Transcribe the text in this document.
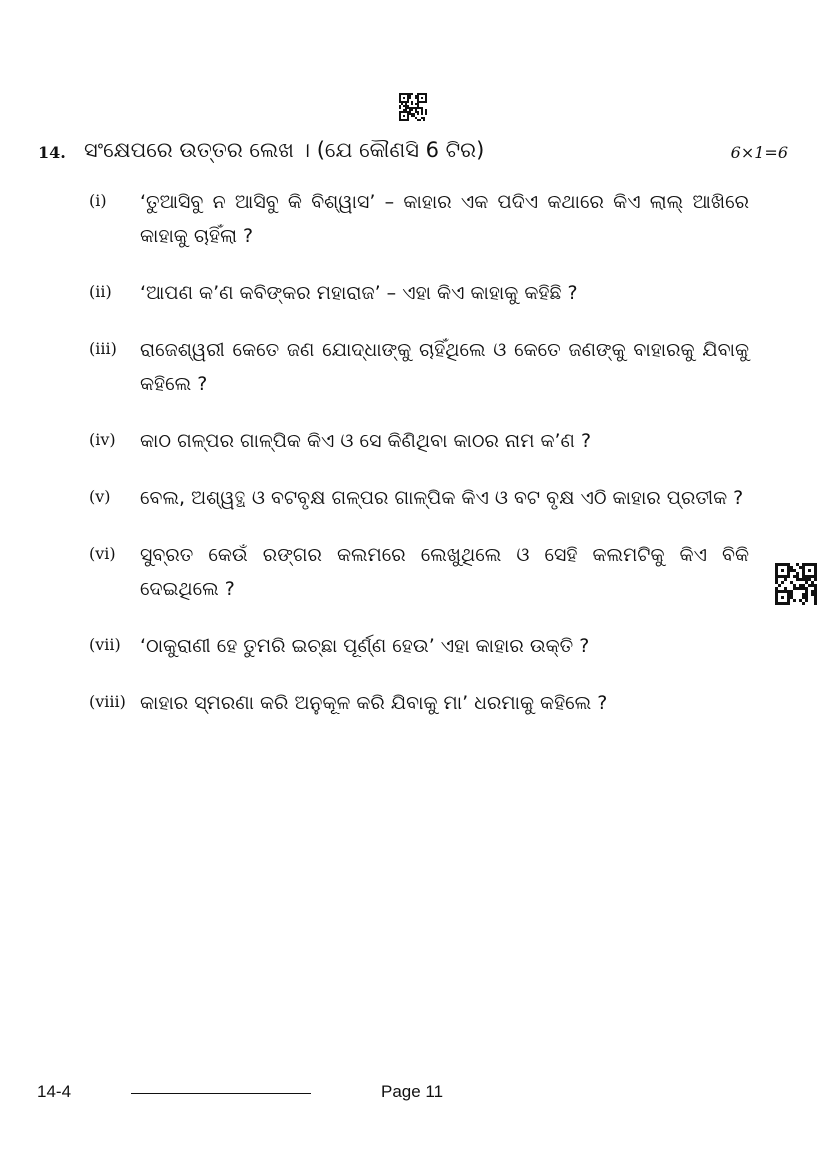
14. ସଂକ୍ଷେପରେ ଉତ୍ତର ଲେଖ । (ଯେ କୌଣସି 6 ଟିର)	6×1=6
(i) ‘ତୁଆସିବୁ ନ ଆସିବୁ କି ବିଶ୍ୱାସ’ – କାହାର ଏକ ପଦିଏ କଥାରେ କିଏ ଲାଲ୍ ଆଖିରେ କାହାକୁ ଚାହିଁଲା ?

(ii) ‘ଆପଣ କ’ଣ କବିଙ୍କର ମହାରାଜ’ – ଏହା କିଏ କାହାକୁ କହିଛି ?

(iii) ରାଜେଶ୍ୱରୀ କେତେ ଜଣ ଯୋଦ୍ଧାଙ୍କୁ ଚାହିଁଥିଲେ ଓ କେତେ ଜଣଙ୍କୁ ବାହାରକୁ ଯିବାକୁ କହିଲେ ?

(iv) କାଠ ଗଳ୍ପର ଗାଳ୍ପିକ କିଏ ଓ ସେ କିଣିଥିବା କାଠର ନାମ କ’ଣ ?

(v) ବେଲ, ଅଶ୍ୱତ୍ଥ ଓ ବଟବୃକ୍ଷ ଗଳ୍ପର ଗାଳ୍ପିକ କିଏ ଓ ବଟ ବୃକ୍ଷ ଏଠି କାହାର ପ୍ରତୀକ ?

(vi) ସୁବ୍ରତ କେଉଁ ରଙ୍ଗର କଲମରେ ଲେଖୁଥିଲେ ଓ ସେହି କଲମଟିକୁ କିଏ ବିକି ଦେଇଥିଲେ ?

(vii) ‘ଠାକୁରାଣୀ ହେ ତୁମରି ଇଚ୍ଛା ପୂର୍ଣ୍ଣ ହେଉ’ ଏହା କାହାର ଉକ୍ତି ?

(viii) କାହାର ସ୍ମରଣା କରି ଅନୁକୂଳ କରି ଯିବାକୁ ମା’ ଧରମାକୁ କହିଲେ ?

14-4	Page 11
